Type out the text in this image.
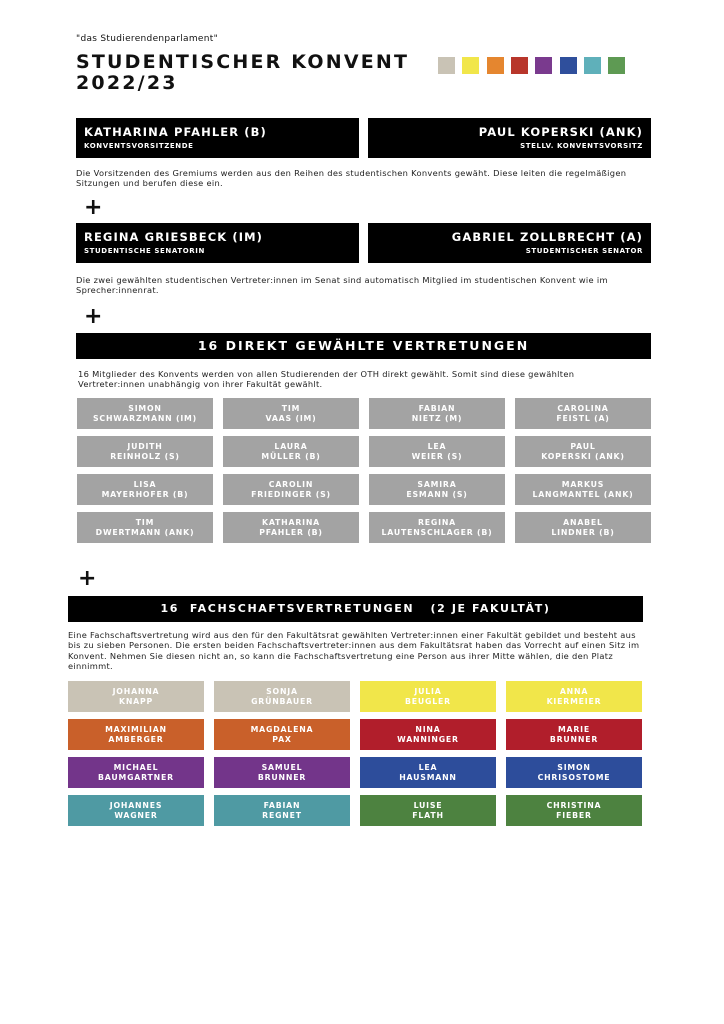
"das Studierendenparlament"
STUDENTISCHER KONVENT
2022/23
KATHARINA PFAHLER (B)
KONVENTSVORSITZENDE
PAUL KOPERSKI (ANK)
STELLV. KONVENTSVORSITZ
Die Vorsitzenden des Gremiums werden aus den Reihen des studentischen Konvents gewäht. Diese leiten die regelmäßigen Sitzungen und berufen diese ein.
+
REGINA GRIESBECK (IM)
STUDENTISCHE SENATORIN
GABRIEL ZOLLBRECHT (A)
STUDENTISCHER SENATOR
Die zwei gewählten studentischen Vertreter:innen im Senat sind automatisch Mitglied im studentischen Konvent wie im Sprecher:innenrat.
+
16 DIREKT GEWÄHLTE VERTRETUNGEN
16 Mitglieder des Konvents werden von allen Studierenden der OTH direkt gewählt. Somit sind diese gewählten Vertreter:innen unabhängig von ihrer Fakultät gewählt.
SIMON
SCHWARZMANN (IM)
TIM
VAAS (IM)
FABIAN
NIETZ (M)
CAROLINA
FEISTL (A)
JUDITH
REINHOLZ (S)
LAURA
MÜLLER (B)
LEA
WEIER (S)
PAUL
KOPERSKI (ANK)
LISA
MAYERHOFER (B)
CAROLIN
FRIEDINGER (S)
SAMIRA
ESMANN (S)
MARKUS
LANGMANTEL (ANK)
TIM
DWERTMANN (ANK)
KATHARINA
PFAHLER (B)
REGINA
LAUTENSCHLAGER (B)
ANABEL
LINDNER (B)
+
16  FACHSCHAFTSVERTRETUNGEN   (2 JE FAKULTÄT)
Eine Fachschaftsvertretung wird aus den für den Fakultätsrat gewählten Vertreter:innen einer Fakultät gebildet und besteht aus bis zu sieben Personen. Die ersten beiden Fachschaftsvertreter:innen aus dem Fakultätsrat haben das Vorrecht auf einen Sitz im Konvent. Nehmen Sie diesen nicht an, so kann die Fachschaftsvertretung eine Person aus ihrer Mitte wählen, die den Platz einnimmt.
JOHANNA
KNAPP
SONJA
GRÜNBAUER
JULIA
BEUGLER
ANNA
KIERMEIER
MAXIMILIAN
AMBERGER
MAGDALENA
PAX
NINA
WANNINGER
MARIE
BRUNNER
MICHAEL
BAUMGARTNER
SAMUEL
BRUNNER
LEA
HAUSMANN
SIMON
CHRISOSTOME
JOHANNES
WAGNER
FABIAN
REGNET
LUISE
FLATH
CHRISTINA
FIEBER
